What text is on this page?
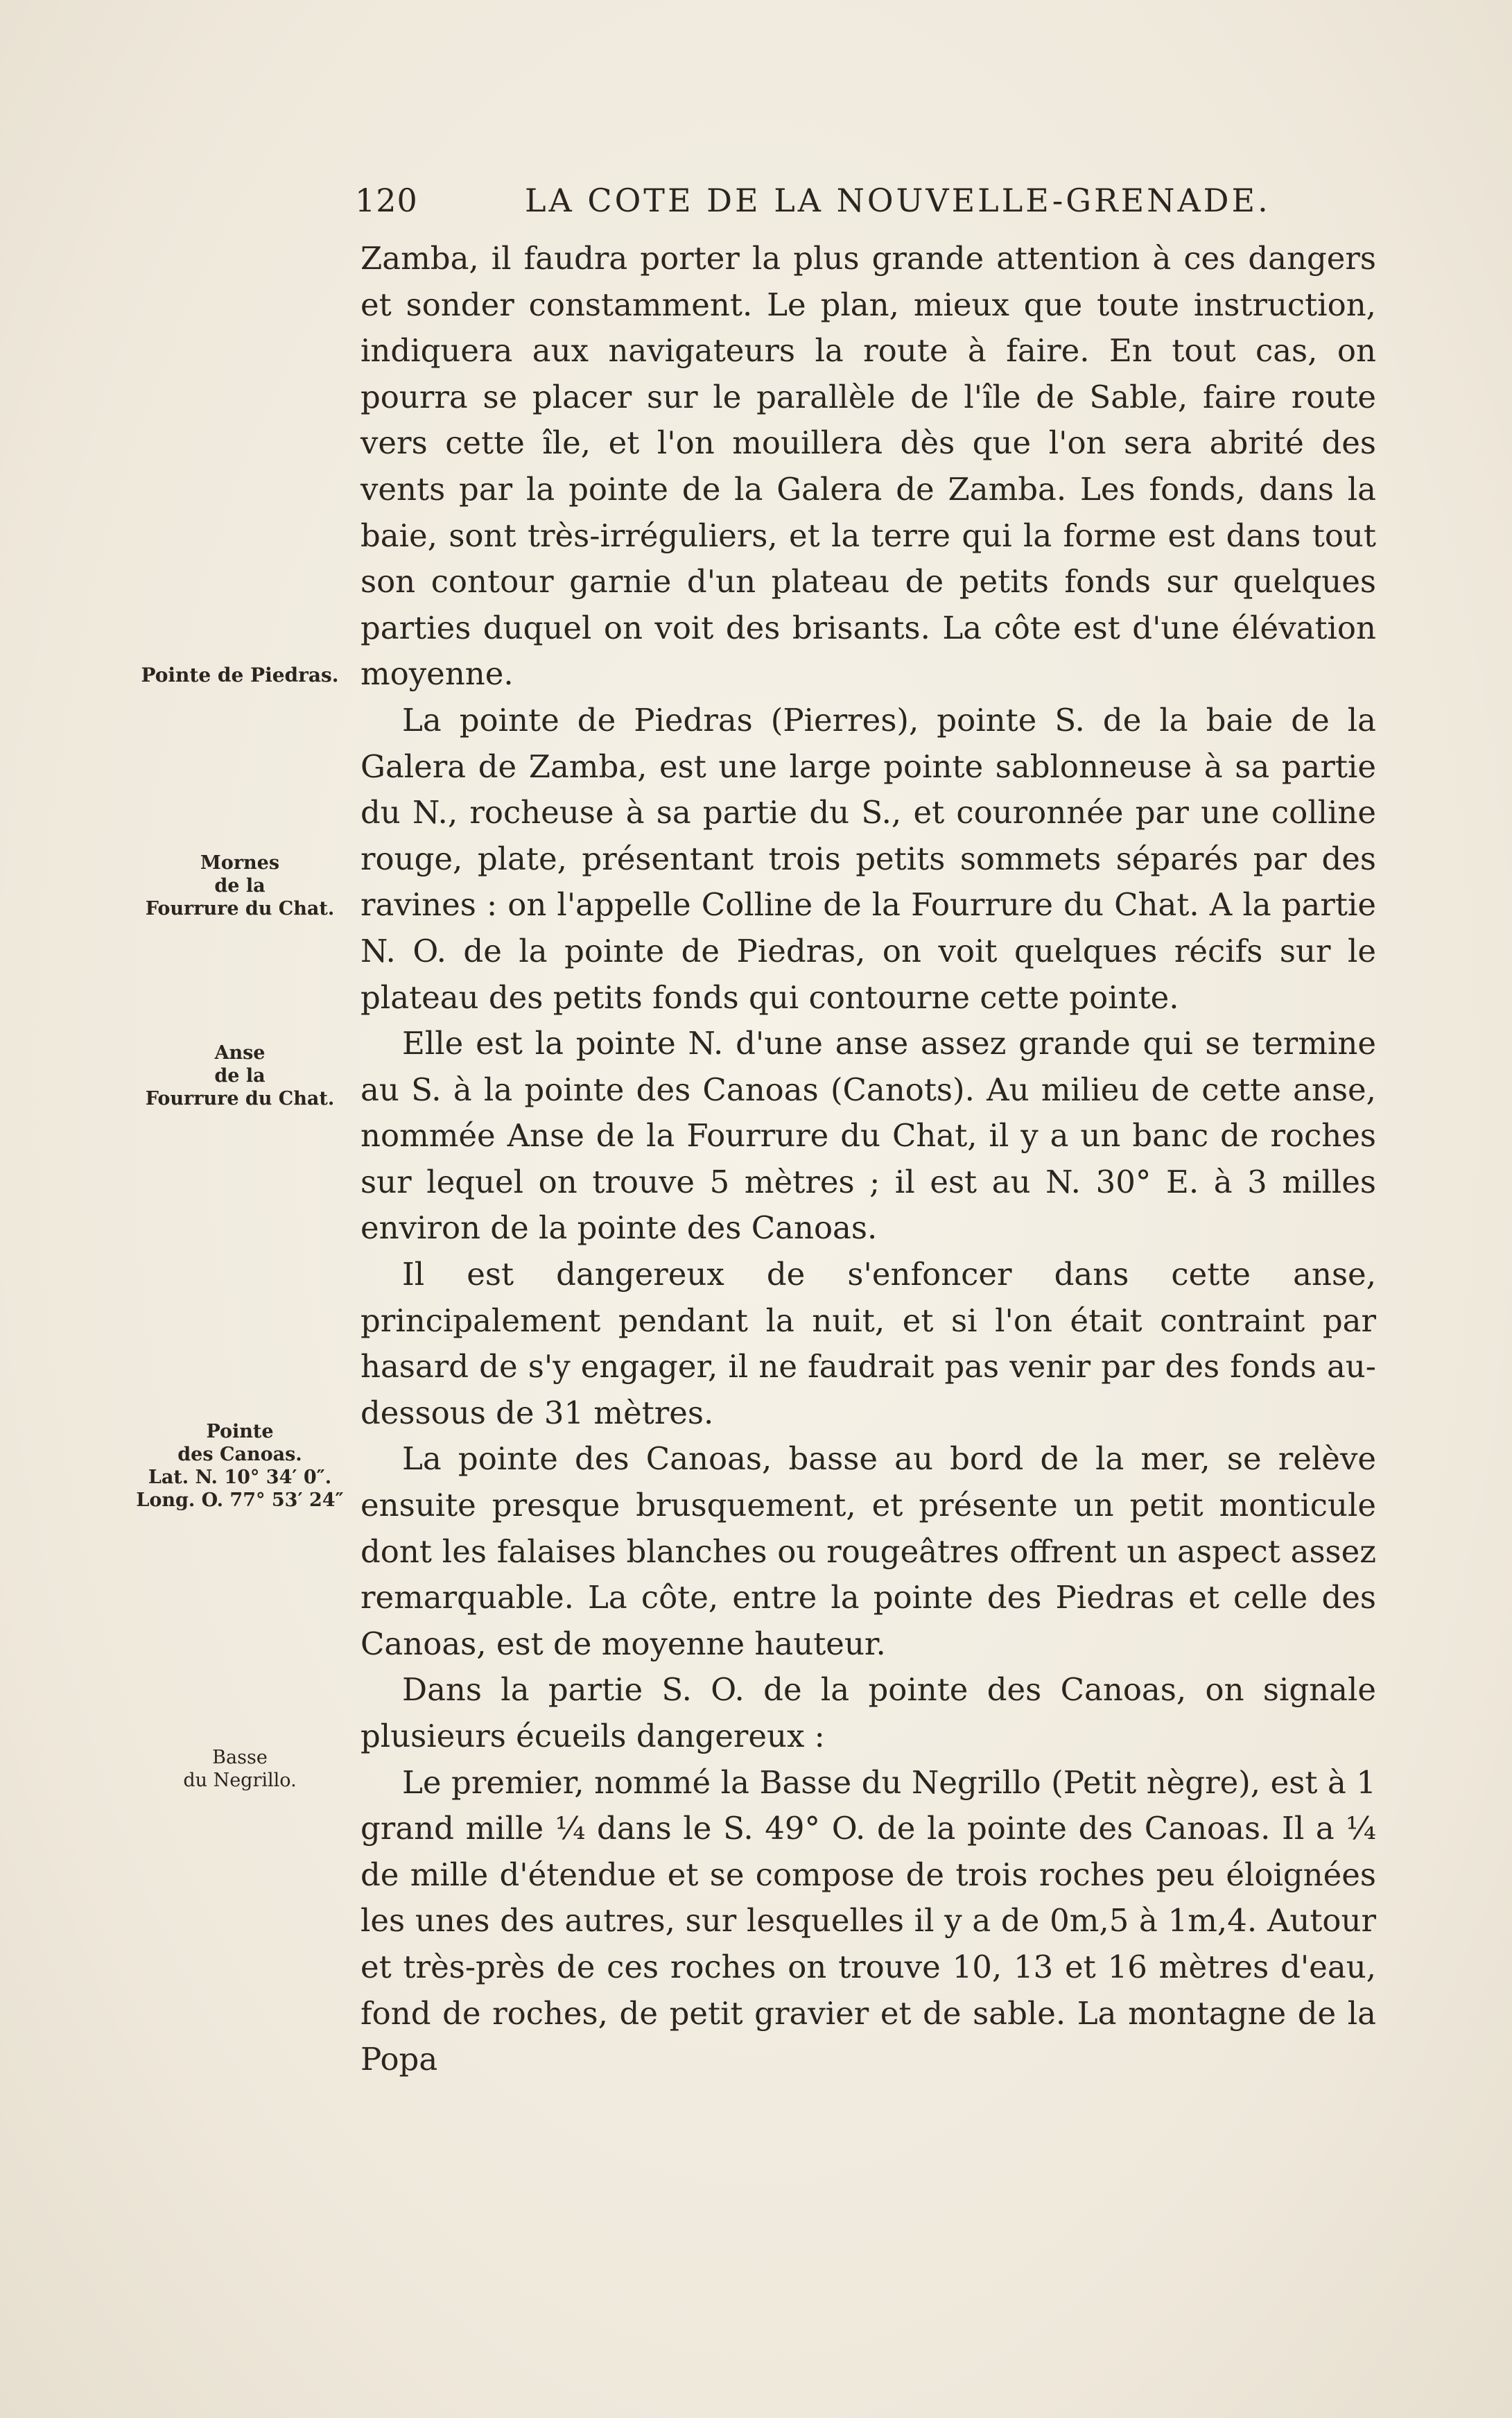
120	LA COTE DE LA NOUVELLE-GRENADE.
Pointe de Piedras.
Mornes
de la
Fourrure du Chat.
Anse
de la
Fourrure du Chat.
Pointe
des Canoas.
Lat. N. 10° 34′ 0″.
Long. O. 77° 53′ 24″
Basse
du Negrillo.

Zamba, il faudra porter la plus grande attention à ces dangers et sonder constamment. Le plan, mieux que toute instruction, indiquera aux navigateurs la route à faire. En tout cas, on pourra se placer sur le parallèle de l'île de Sable, faire route vers cette île, et l'on mouillera dès que l'on sera abrité des vents par la pointe de la Galera de Zamba. Les fonds, dans la baie, sont très-irréguliers, et la terre qui la forme est dans tout son contour garnie d'un plateau de petits fonds sur quelques parties duquel on voit des brisants. La côte est d'une élévation moyenne.

La pointe de Piedras (Pierres), pointe S. de la baie de la Galera de Zamba, est une large pointe sablonneuse à sa partie du N., rocheuse à sa partie du S., et couronnée par une colline rouge, plate, présentant trois petits sommets séparés par des ravines : on l'appelle Colline de la Fourrure du Chat. A la partie N. O. de la pointe de Piedras, on voit quelques récifs sur le plateau des petits fonds qui contourne cette pointe.

Elle est la pointe N. d'une anse assez grande qui se termine au S. à la pointe des Canoas (Canots). Au milieu de cette anse, nommée Anse de la Fourrure du Chat, il y a un banc de roches sur lequel on trouve 5 mètres ; il est au N. 30° E. à 3 milles environ de la pointe des Canoas.

Il est dangereux de s'enfoncer dans cette anse, principalement pendant la nuit, et si l'on était contraint par hasard de s'y engager, il ne faudrait pas venir par des fonds au-dessous de 31 mètres.

La pointe des Canoas, basse au bord de la mer, se relève ensuite presque brusquement, et présente un petit monticule dont les falaises blanches ou rougeâtres offrent un aspect assez remarquable. La côte, entre la pointe des Piedras et celle des Canoas, est de moyenne hauteur.

Dans la partie S. O. de la pointe des Canoas, on signale plusieurs écueils dangereux :

Le premier, nommé la Basse du Negrillo (Petit nègre), est à 1 grand mille ¼ dans le S. 49° O. de la pointe des Canoas. Il a ¼ de mille d'étendue et se compose de trois roches peu éloignées les unes des autres, sur lesquelles il y a de 0m,5 à 1m,4. Autour et très-près de ces roches on trouve 10, 13 et 16 mètres d'eau, fond de roches, de petit gravier et de sable. La montagne de la Popa
